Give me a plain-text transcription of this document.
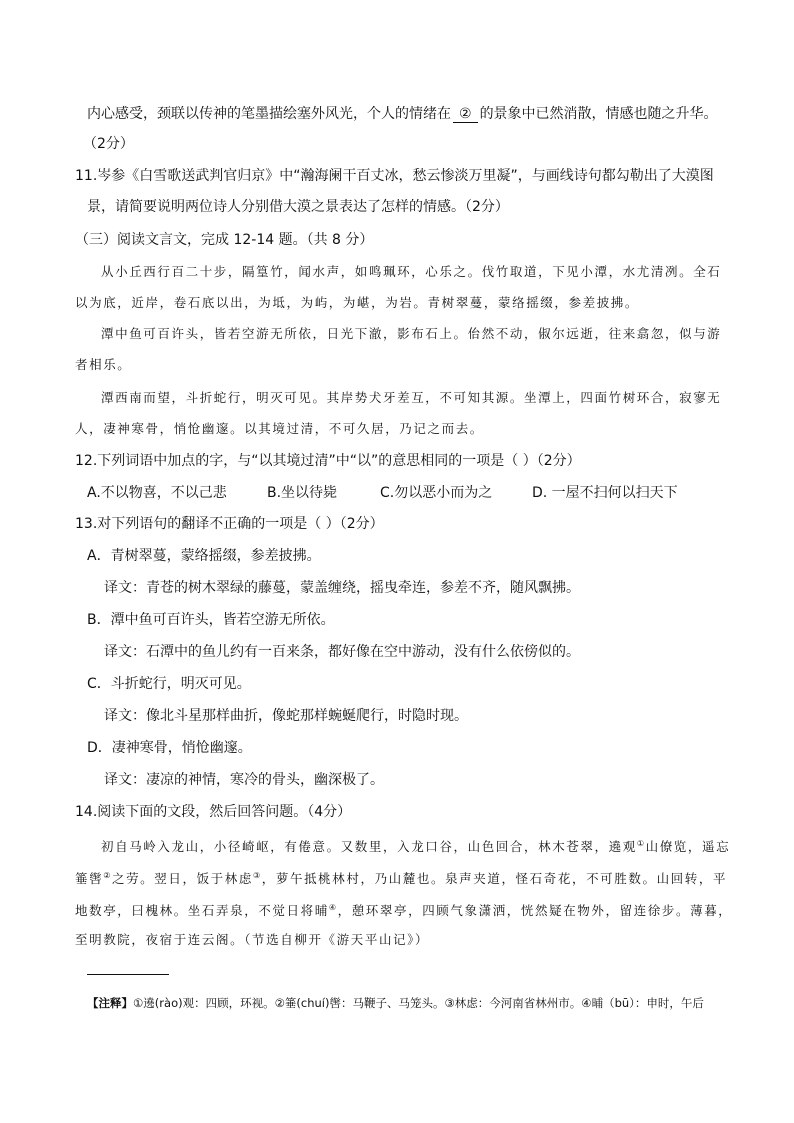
内心感受，颈联以传神的笔墨描绘塞外风光，个人的情绪在 ② 的景象中已然消散，情感也随之升华。
（2分）
11.岑参《白雪歌送武判官归京》中“瀚海阑干百丈冰，愁云惨淡万里凝”，与画线诗句都勾勒出了大漠图
景，请简要说明两位诗人分别借大漠之景表达了怎样的情感。（2分）
（三）阅读文言文，完成 12-14 题。（共 8 分）
从小丘西行百二十步，隔篁竹，闻水声，如鸣珮环，心乐之。伐竹取道，下见小潭，水尤清冽。全石
以为底，近岸，卷石底以出，为坻，为屿，为嵁，为岩。青树翠蔓，蒙络摇缀，参差披拂。
潭中鱼可百许头，皆若空游无所依，日光下澈，影布石上。佁然不动，俶尔远逝，往来翕忽，似与游
者相乐。
潭西南而望，斗折蛇行，明灭可见。其岸势犬牙差互，不可知其源。坐潭上，四面竹树环合，寂寥无
人，凄神寒骨，悄怆幽邃。以其境过清，不可久居，乃记之而去。
12.下列词语中加点的字，与“以其境过清”中“以”的意思相同的一项是（ ）（2分）
A.不以物喜，不以己悲	B.坐以待毙	C.勿以恶小而为之	D. 一屋不扫何以扫天下
13.对下列语句的翻译不正确的一项是（ ）（2分）
A．青树翠蔓，蒙络摇缀，参差披拂。
译文：青苍的树木翠绿的藤蔓，蒙盖缠绕，摇曳牵连，参差不齐，随风飘拂。
B．潭中鱼可百许头，皆若空游无所依。
译文：石潭中的鱼儿约有一百来条，都好像在空中游动，没有什么依傍似的。
C．斗折蛇行，明灭可见。
译文：像北斗星那样曲折，像蛇那样蜿蜒爬行，时隐时现。
D．凄神寒骨，悄怆幽邃。
译文：凄凉的神情，寒冷的骨头，幽深极了。
14.阅读下面的文段，然后回答问题。（4分）
初自马岭入龙山，小径崎岖，有倦意。又数里，入龙口谷，山色回合，林木苍翠，遶观①山僚览，遥忘
箠辔②之劳。翌日，饭于林虑③，萝午抵桃林村，乃山麓也。泉声夹道，怪石奇花，不可胜数。山回转，平
地数亭，曰槐林。坐石弄泉，不觉日将晡④，憩环翠亭，四顾气象潇洒，恍然疑在物外，留连徐步。薄暮，
至明教院，夜宿于连云阁。（节选自柳开《游天平山记》）
【注释】①遶(rào)观：四顾，环视。②箠(chuí)辔：马鞭子、马笼头。③林虑：今河南省林州市。④晡（bū）：申时，午后
